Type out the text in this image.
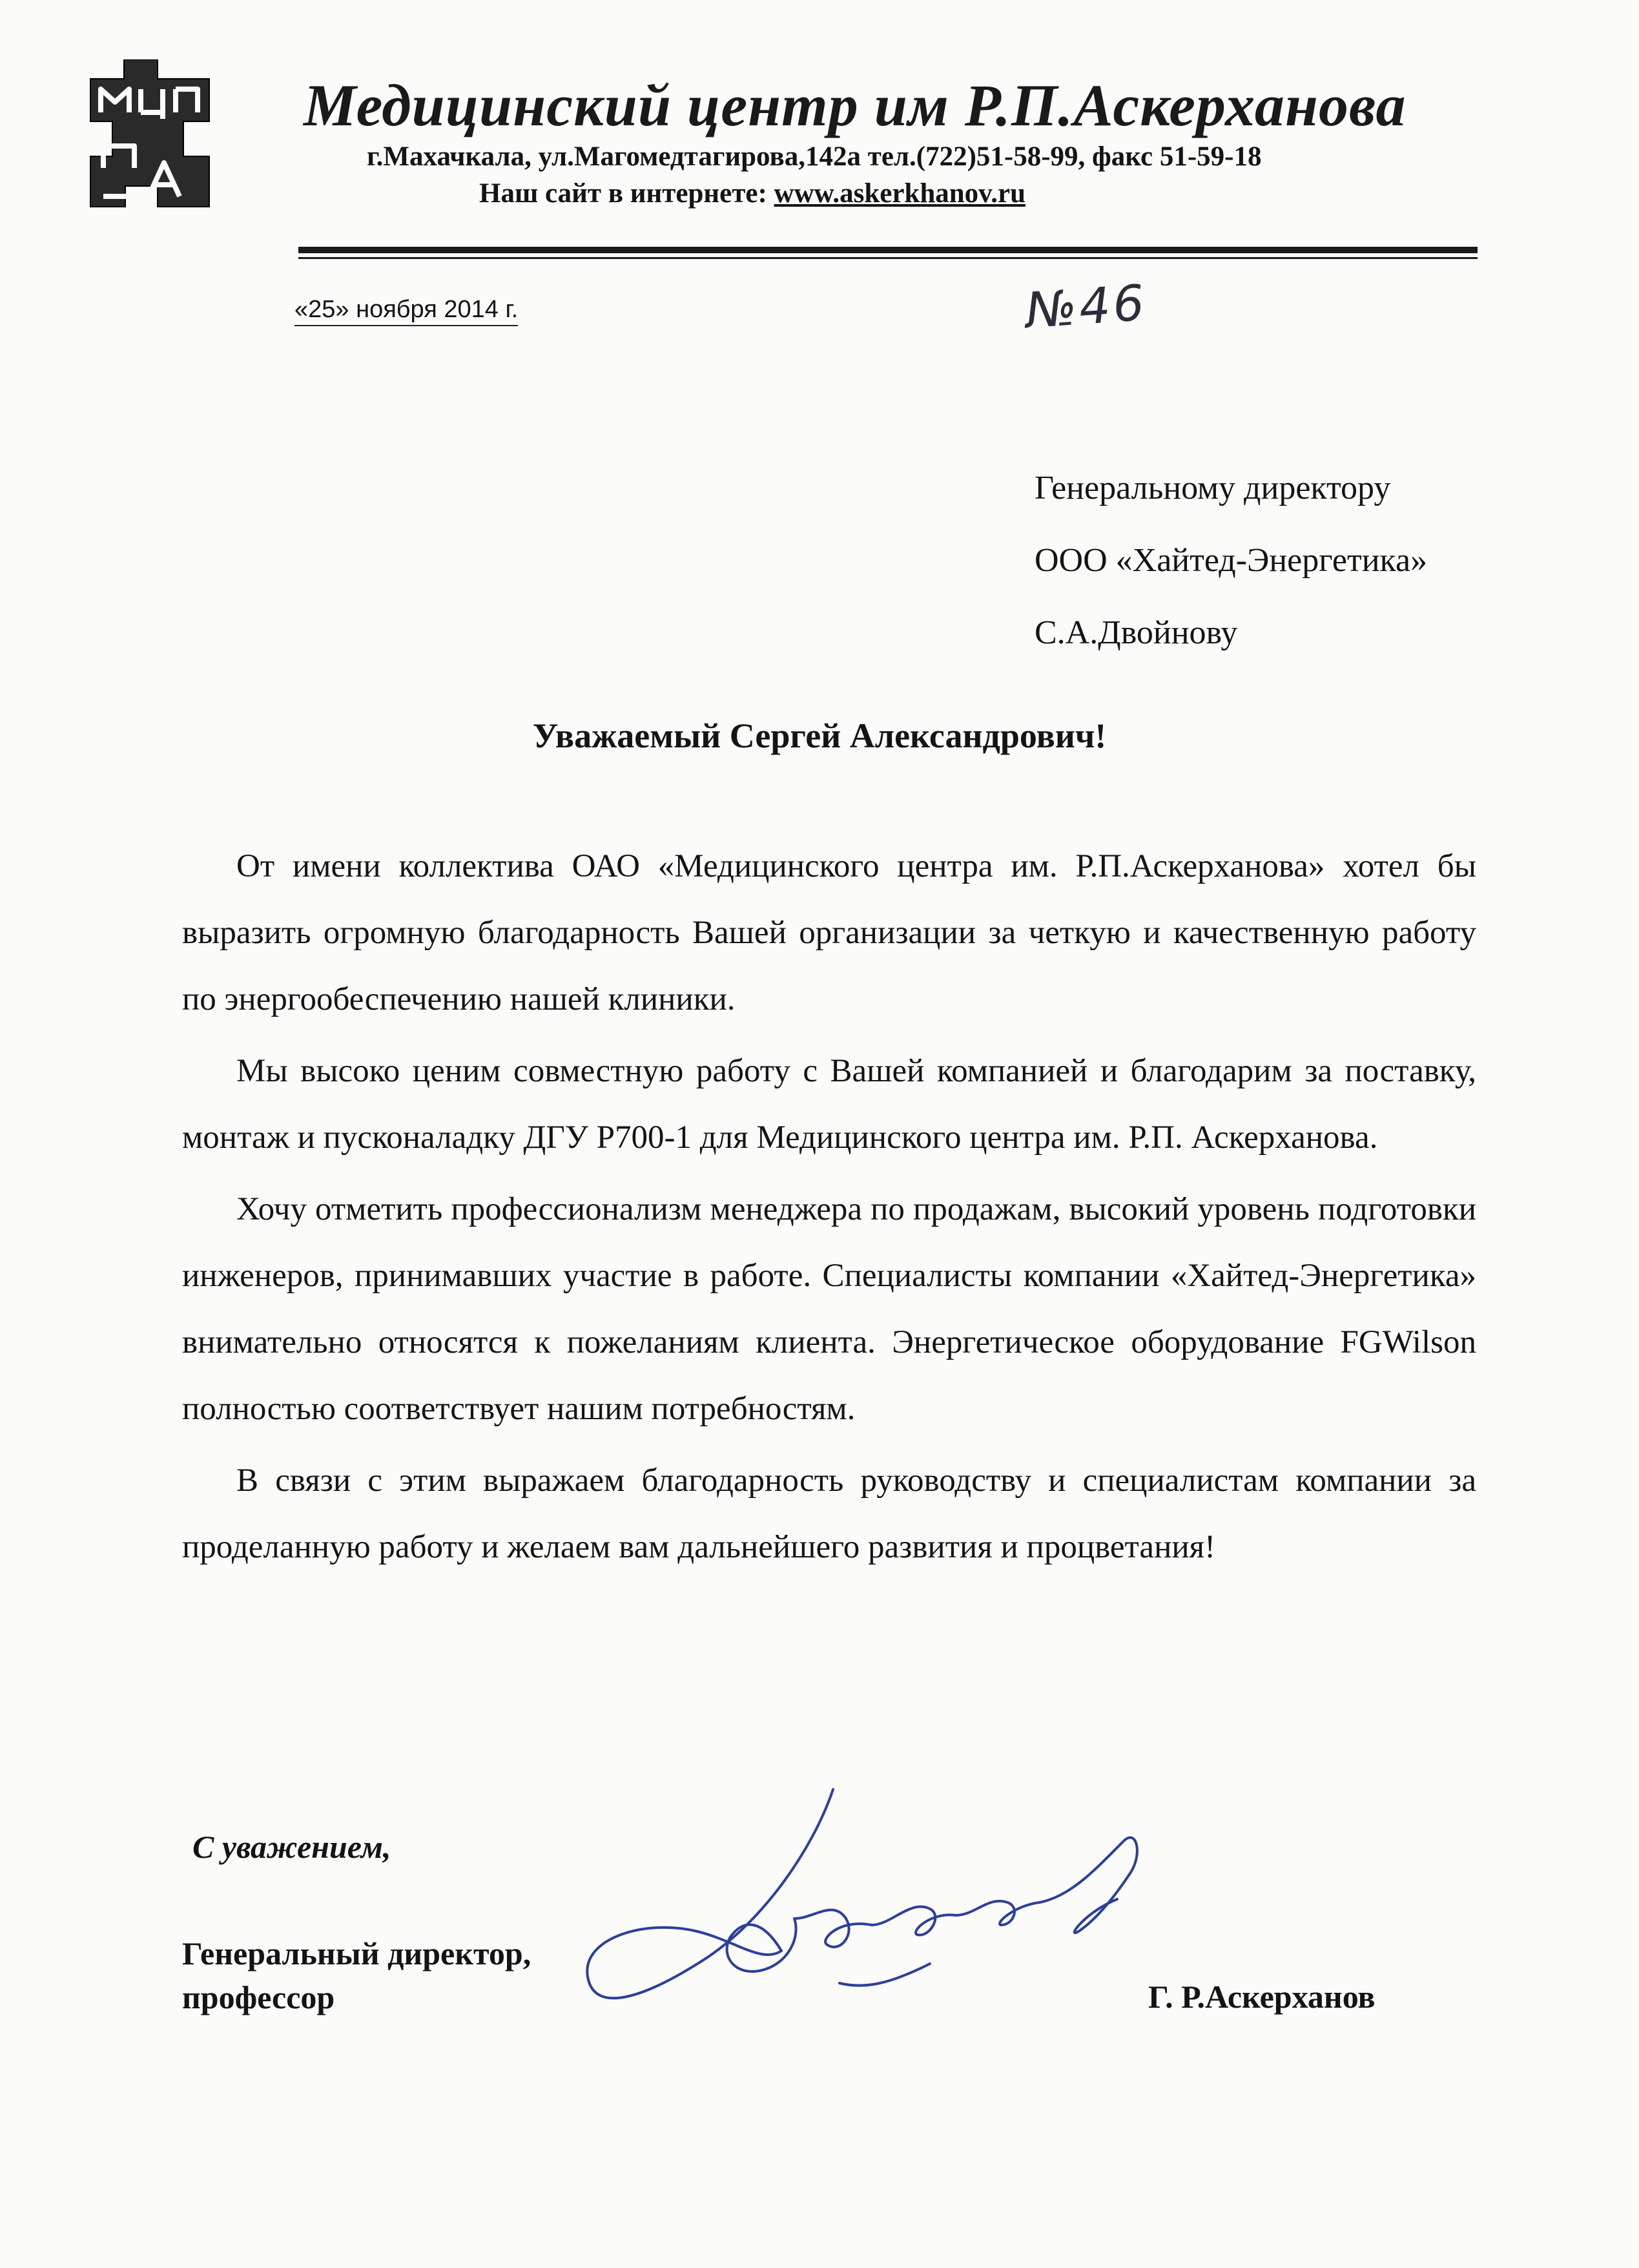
Медицинский центр им Р.П.Аскерханова
г.Махачкала, ул.Магомедтагирова,142а тел.(722)51-58-99, факс 51-59-18
Наш сайт в интернете: www.askerkhanov.ru
«25» ноября 2014 г.	№46
Генеральному директору
ООО «Хайтед-Энергетика»
С.А.Двойнову
Уважаемый Сергей Александрович!

От имени коллектива ОАО «Медицинского центра им. Р.П.Аскерханова» хотел бы выразить огромную благодарность Вашей организации за четкую и качественную работу по энергообеспечению нашей клиники.

Мы высоко ценим совместную работу с Вашей компанией и благодарим за поставку, монтаж и пусконаладку ДГУ Р700-1 для Медицинского центра им. Р.П. Аскерханова.

Хочу отметить профессионализм менеджера по продажам, высокий уровень подготовки инженеров, принимавших участие в работе. Специалисты компании «Хайтед-Энергетика» внимательно относятся к пожеланиям клиента. Энергетическое оборудование FGWilson полностью соответствует нашим потребностям.

В связи с этим выражаем благодарность руководству и специалистам компании за проделанную работу и желаем вам дальнейшего развития и процветания!

С уважением,
Генеральный директор,
профессор	Г. Р.Аскерханов
